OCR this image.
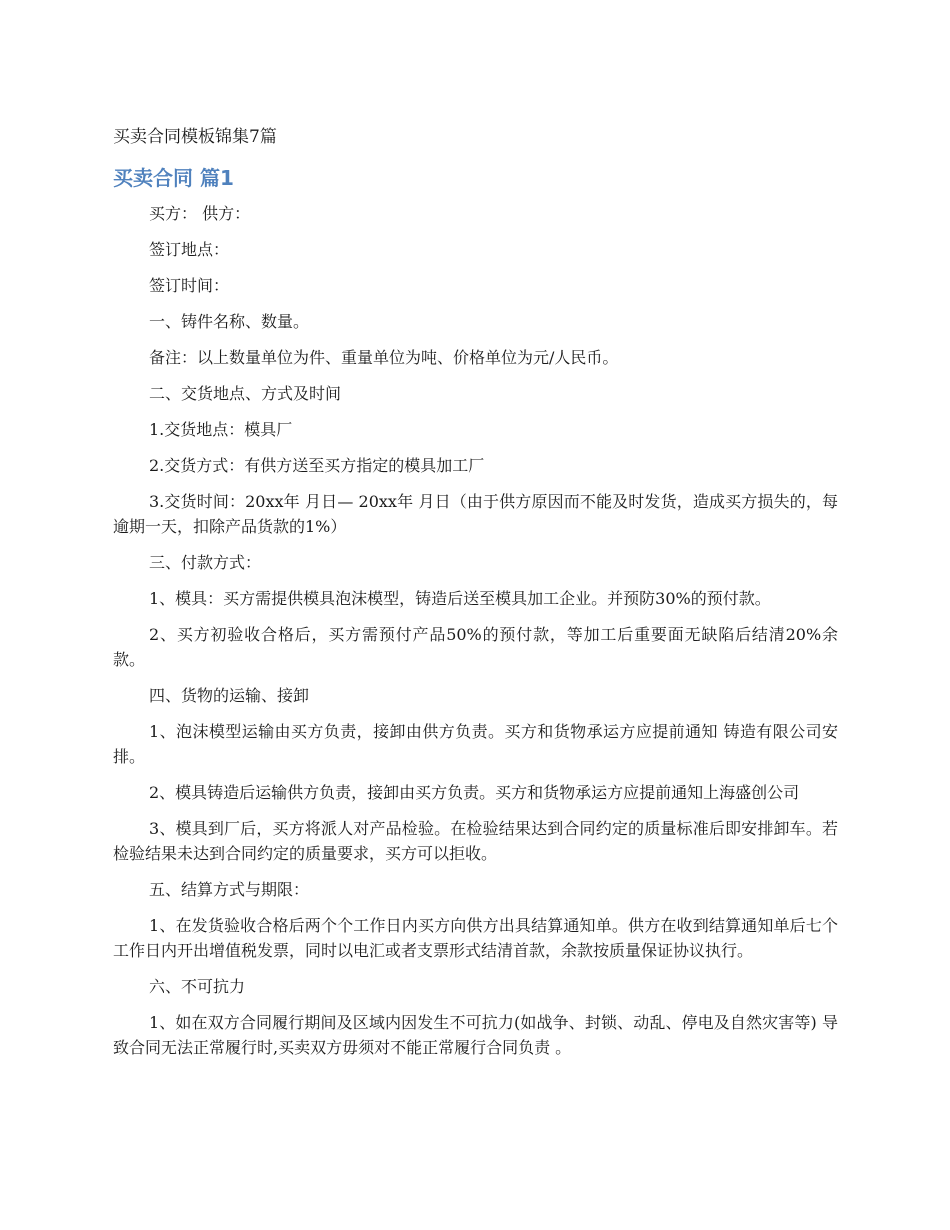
买卖合同模板锦集7篇
买卖合同 篇1

买方： 供方：

签订地点：

签订时间：

一、铸件名称、数量。

备注：以上数量单位为件、重量单位为吨、价格单位为元/人民币。

二、交货地点、方式及时间

1.交货地点：模具厂

2.交货方式：有供方送至买方指定的模具加工厂

3.交货时间：20xx年 月日— 20xx年 月日（由于供方原因而不能及时发货，造成买方损失的，每逾期一天，扣除产品货款的1%）

三、付款方式：

1、模具：买方需提供模具泡沫模型，铸造后送至模具加工企业。并预防30%的预付款。

2、买方初验收合格后，买方需预付产品50%的预付款，等加工后重要面无缺陷后结清20%余款。

四、货物的运输、接卸

1、泡沫模型运输由买方负责，接卸由供方负责。买方和货物承运方应提前通知 铸造有限公司安排。

2、模具铸造后运输供方负责，接卸由买方负责。买方和货物承运方应提前通知上海盛创公司

3、模具到厂后，买方将派人对产品检验。在检验结果达到合同约定的质量标准后即安排卸车。若检验结果未达到合同约定的质量要求，买方可以拒收。

五、结算方式与期限：

1、在发货验收合格后两个个工作日内买方向供方出具结算通知单。供方在收到结算通知单后七个工作日内开出增值税发票，同时以电汇或者支票形式结清首款，余款按质量保证协议执行。

六、不可抗力

1、如在双方合同履行期间及区域内因发生不可抗力(如战争、封锁、动乱、停电及自然灾害等) 导致合同无法正常履行时,买卖双方毋须对不能正常履行合同负责 。
